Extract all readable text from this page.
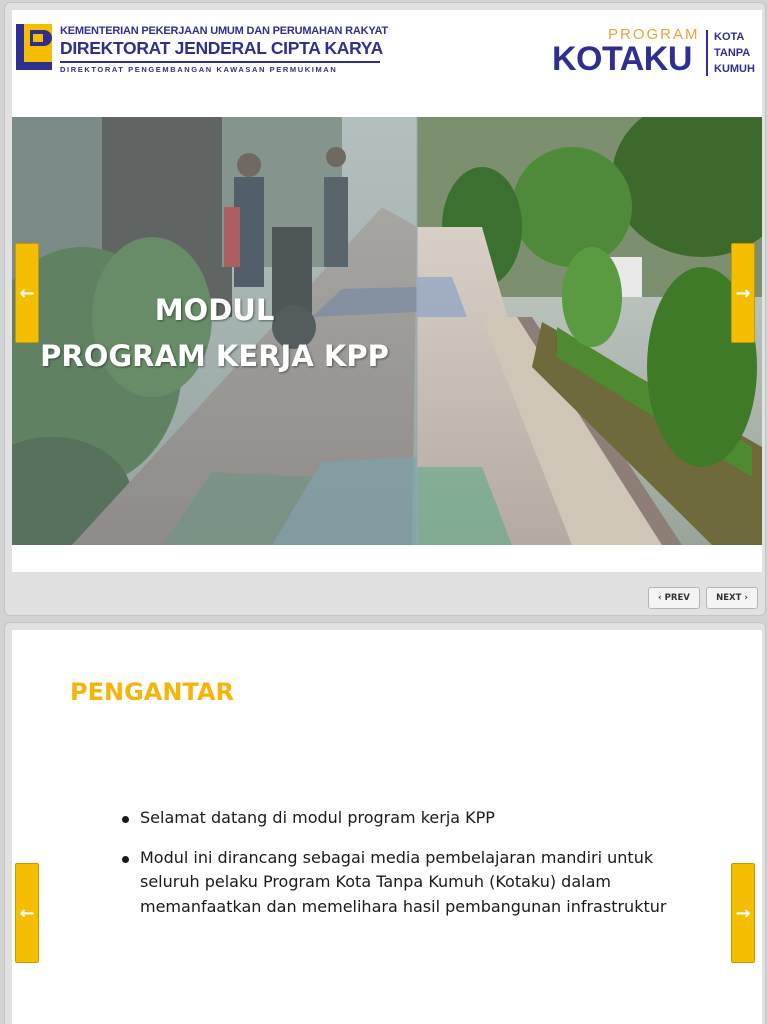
KEMENTERIAN PEKERJAAN UMUM DAN PERUMAHAN RAKYAT
DIREKTORAT JENDERAL CIPTA KARYA
DIREKTORAT PENGEMBANGAN KAWASAN PERMUKIMAN
PROGRAM
KOTAKU
KOTA
TANPA
KUMUH
MODUL
PROGRAM KERJA KPP
←	→
‹ PREV	NEXT ›
PENGANTAR
Selamat datang di modul program kerja KPP
Modul ini dirancang sebagai media pembelajaran mandiri untuk seluruh pelaku Program Kota Tanpa Kumuh (Kotaku) dalam memanfaatkan dan memelihara hasil pembangunan infrastruktur
←	→
